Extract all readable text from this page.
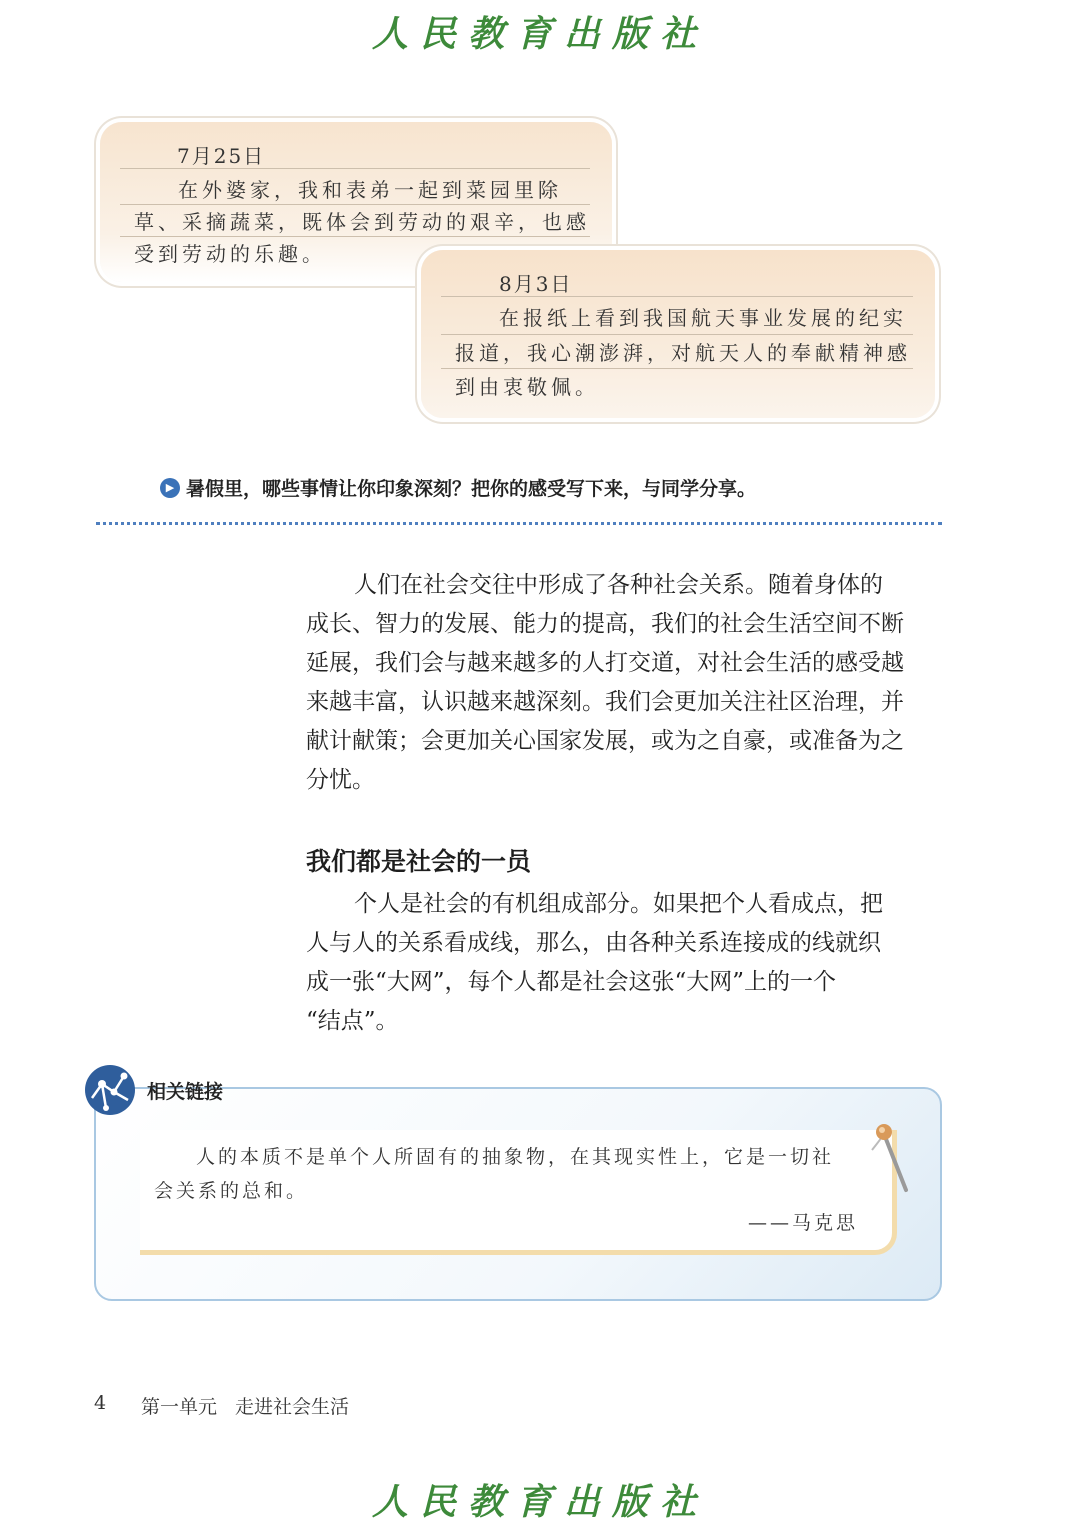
人民教育出版社
7月25日
在外婆家，我和表弟一起到菜园里除
草、采摘蔬菜，既体会到劳动的艰辛，也感
受到劳动的乐趣。
8月3日
在报纸上看到我国航天事业发展的纪实
报道，我心潮澎湃，对航天人的奉献精神感
到由衷敬佩。
▶ 暑假里，哪些事情让你印象深刻？把你的感受写下来，与同学分享。
人们在社会交往中形成了各种社会关系。随着身体的
成长、智力的发展、能力的提高，我们的社会生活空间不断
延展，我们会与越来越多的人打交道，对社会生活的感受越
来越丰富，认识越来越深刻。我们会更加关注社区治理，并
献计献策；会更加关心国家发展，或为之自豪，或准备为之
分忧。
我们都是社会的一员
个人是社会的有机组成部分。如果把个人看成点，把
人与人的关系看成线，那么，由各种关系连接成的线就织
成一张“大网”，每个人都是社会这张“大网”上的一个
“结点”。
相关链接
人的本质不是单个人所固有的抽象物，在其现实性上，它是一切社
会关系的总和。
——马克思
4 第一单元 走进社会生活
人民教育出版社
